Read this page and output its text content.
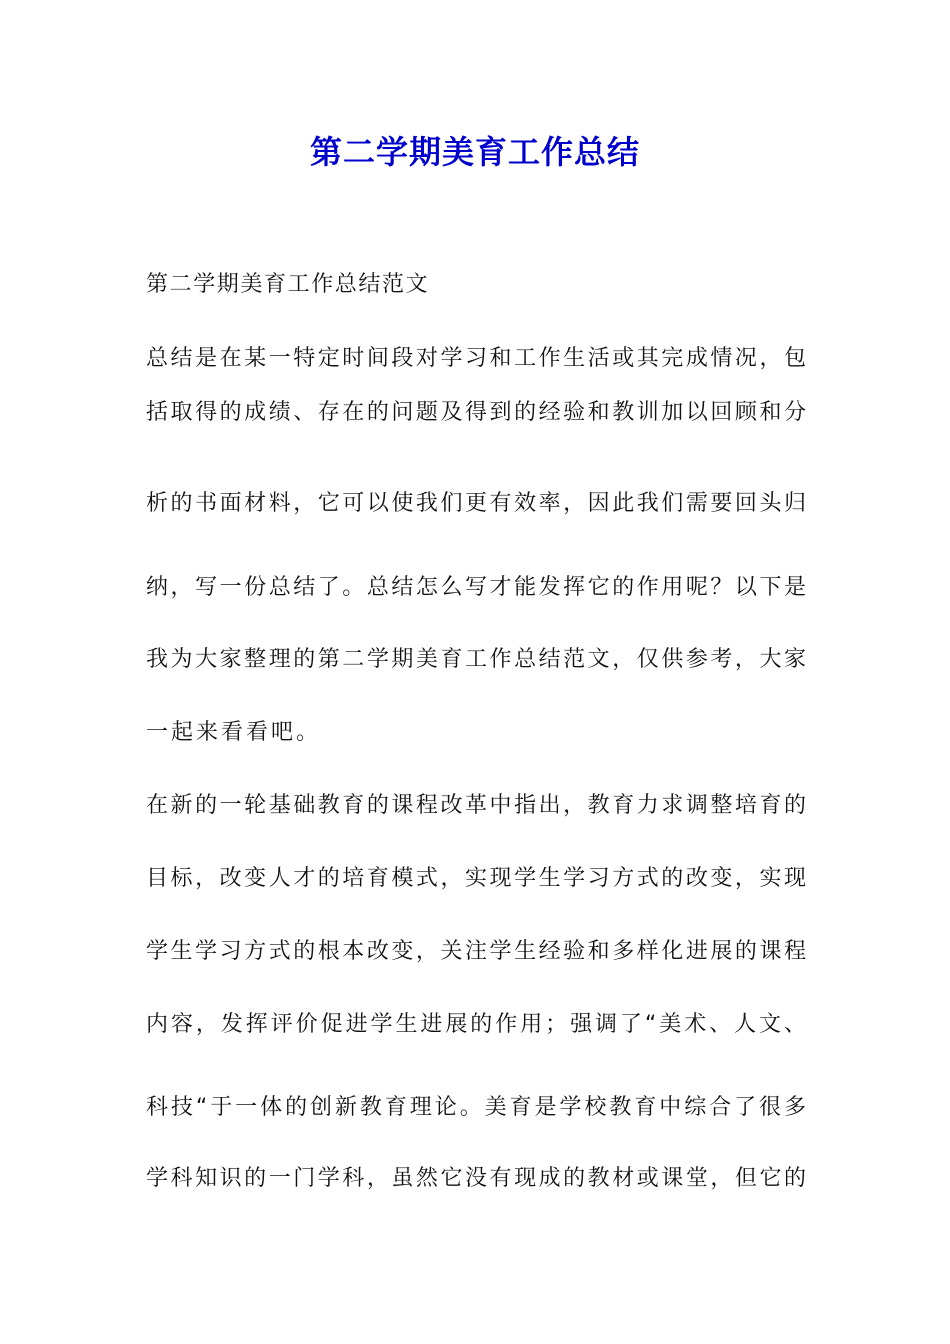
第二学期美育工作总结
第二学期美育工作总结范文
总结是在某一特定时间段对学习和工作生活或其完成情况，包
括取得的成绩、存在的问题及得到的经验和教训加以回顾和分
析的书面材料，它可以使我们更有效率，因此我们需要回头归
纳，写一份总结了。总结怎么写才能发挥它的作用呢？以下是
我为大家整理的第二学期美育工作总结范文，仅供参考，大家
一起来看看吧。
在新的一轮基础教育的课程改革中指出，教育力求调整培育的
目标，改变人才的培育模式，实现学生学习方式的改变，实现
学生学习方式的根本改变，关注学生经验和多样化进展的课程
内容，发挥评价促进学生进展的作用；强调了“美术、人文、
科技“于一体的创新教育理论。美育是学校教育中综合了很多
学科知识的一门学科，虽然它没有现成的教材或课堂，但它的
